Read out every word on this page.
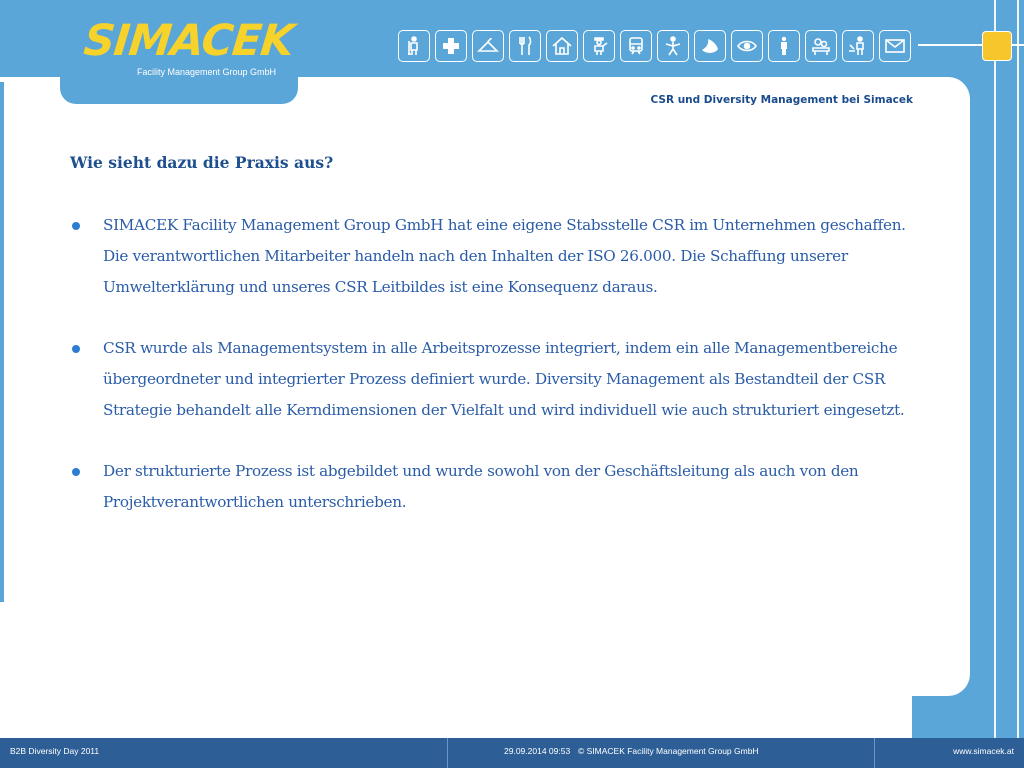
SIMACEK
Facility Management Group GmbH
CSR und Diversity Management bei Simacek
Wie sieht dazu die Praxis aus?
SIMACEK Facility Management Group GmbH hat eine eigene Stabsstelle CSR im Unternehmen geschaffen. Die verantwortlichen Mitarbeiter handeln nach den Inhalten der ISO 26.000. Die Schaffung unserer Umwelterklärung und unseres CSR Leitbildes ist eine Konsequenz daraus.
CSR wurde als Managementsystem in alle Arbeitsprozesse integriert, indem ein alle Managementbereiche übergeordneter und integrierter Prozess definiert wurde. Diversity Management als Bestandteil der CSR Strategie behandelt alle Kerndimensionen der Vielfalt und wird individuell wie auch strukturiert eingesetzt.
Der strukturierte Prozess ist abgebildet und wurde sowohl von der Geschäftsleitung als auch von den Projektverantwortlichen unterschrieben.
B2B Diversity Day 2011	29.09.2014 09:53 © SIMACEK Facility Management Group GmbH	www.simacek.at
